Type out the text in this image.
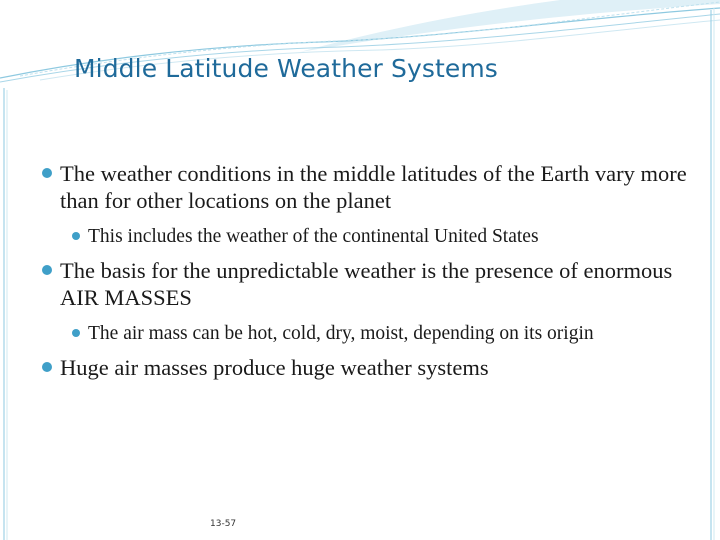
Middle Latitude Weather Systems
The weather conditions in the middle latitudes of the Earth vary more than for other locations on the planet
This includes the weather of the continental United States
The basis for the unpredictable weather is the presence of enormous AIR MASSES
The air mass can be hot, cold, dry, moist, depending on its origin
Huge air masses produce huge weather systems
13-57
